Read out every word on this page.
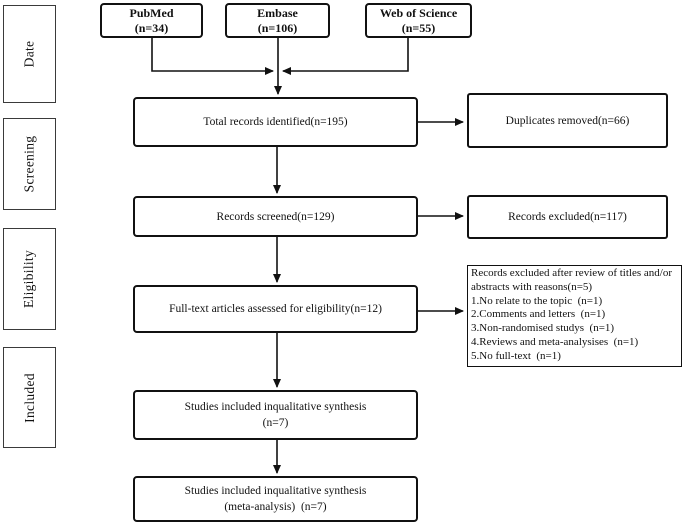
Date
Screening
Eligibility
Included
PubMed
(n=34)
Embase
(n=106)
Web of Science
(n=55)
Total records identified(n=195)
Records screened(n=129)
Full-text articles assessed for eligibility(n=12)
Studies included inqualitative synthesis
(n=7)
Studies included inqualitative synthesis
(meta-analysis)  (n=7)
Duplicates removed(n=66)
Records excluded(n=117)
Records excluded after review of titles and/or
abstracts with reasons(n=5)
1.No relate to the topic  (n=1)
2.Comments and letters  (n=1)
3.Non-randomised studys  (n=1)
4.Reviews and meta-analysises  (n=1)
5.No full-text  (n=1)
